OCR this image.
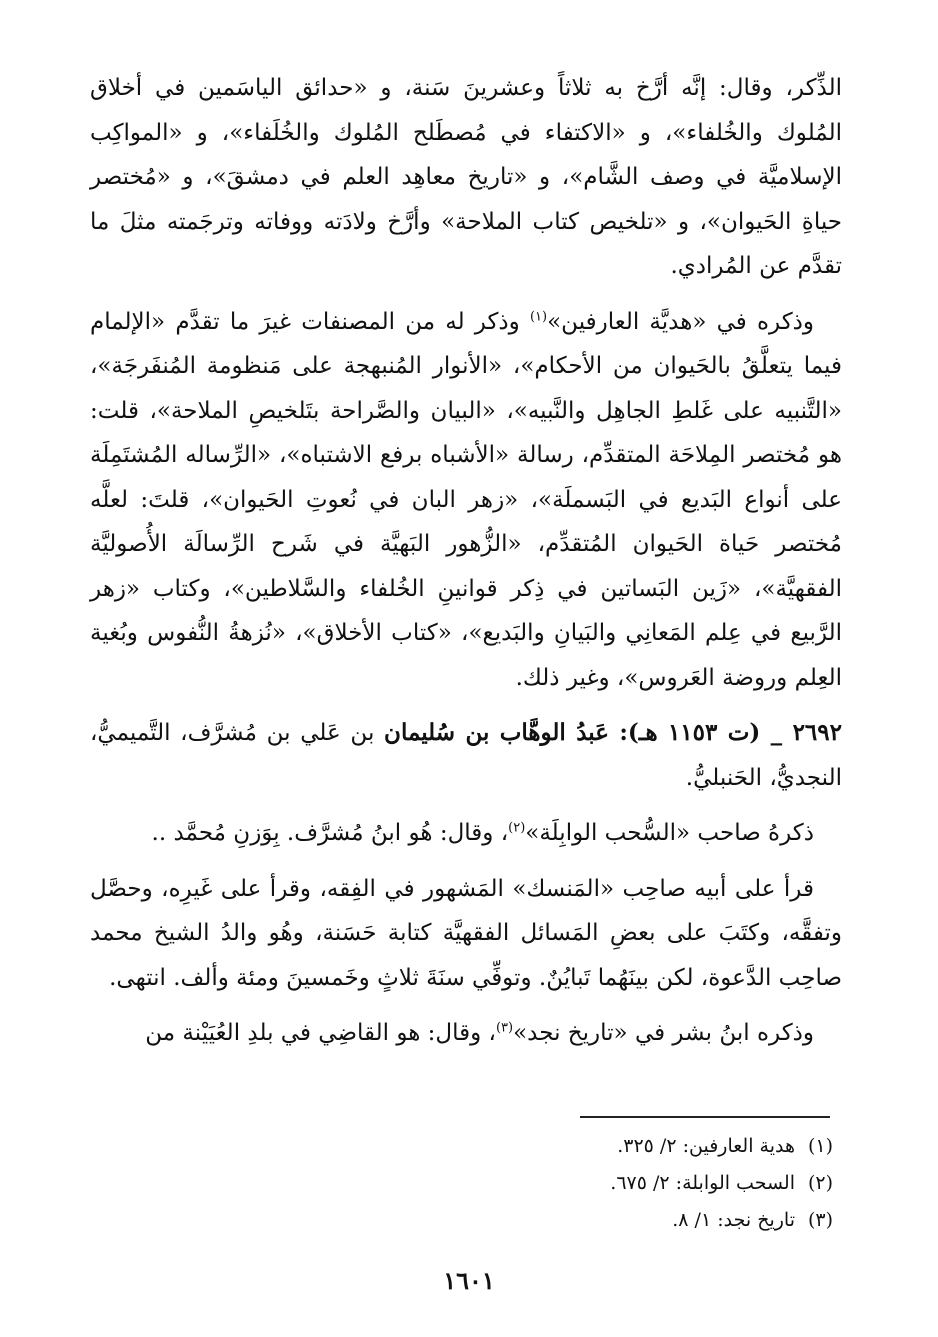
الذِّكر، وقال: إنَّه أرَّخ به ثلاثاً وعشرينَ سَنة، و «حدائق الياسَمين في أخلاق المُلوك والخُلفاء»، و «الاكتفاء في مُصطَلح المُلوك والخُلَفاء»، و «المواكِب الإسلاميَّة في وصف الشَّام»، و «تاريخ معاهِد العلم في دمشقَ»، و «مُختصر حياةِ الحَيوان»، و «تلخيص كتاب الملاحة» وأرَّخ ولادَته ووفاته وترجَمته مثلَ ما تقدَّم عن المُرادي.

وذكره في «هديَّة العارفين»$^{(١)}$ وذكر له من المصنفات غيرَ ما تقدَّم «الإلمام فيما يتعلَّقُ بالحَيوان من الأحكام»، «الأنوار المُنبهجة على مَنظومة المُنفَرجَة»، «التَّنبيه على غَلطِ الجاهِل والنَّبيه»، «البيان والصَّراحة بتَلخيصِ الملاحة»، قلت: هو مُختصر المِلاحَة المتقدِّم، رسالة «الأشباه برفع الاشتباه»، «الرِّساله المُشتَمِلَة على أنواع البَديع في البَسملَة»، «زهر البان في نُعوتِ الحَيوان»، قلتَ: لعلَّه مُختصر حَياة الحَيوان المُتقدِّم، «الزُّهور البَهيَّة في شَرح الرِّسالَة الأُصوليَّة الفقهيَّة»، «زَين البَساتين في ذِكر قوانينِ الخُلفاء والسَّلاطين»، وكتاب «زهر الرَّبيع في عِلم المَعانِي والبَيانِ والبَديع»، «كتاب الأخلاق»، «نُزهةُ النُّفوس وبُغية العِلم وروضة العَروس»، وغير ذلك.

٢٦٩٢ _ (ت ١١٥٣ هـ): عَبدُ الوهَّاب بن سُليمان بن عَلي بن مُشرَّف، التَّميميُّ، النجديُّ، الحَنبليُّ.

ذكرهُ صاحب «السُّحب الوابِلَة»$^{(٢)}$، وقال: هُو ابنُ مُشرَّف. بِوَزنِ مُحمَّد ..

قرأ على أبيه صاحِب «المَنسك» المَشهور في الفِقه، وقرأ على غَيرِه، وحصَّل وتفقَّه، وكتَبَ على بعضِ المَسائل الفقهيَّة كتابة حَسَنة، وهُو والدُ الشيخ محمد صاحِب الدَّعوة، لكن بينَهُما تَبايُنٌ. وتوفِّي سنَةَ ثلاثٍ وخَمسينَ ومئة وألف. انتهى.

وذكره ابنُ بشر في «تاريخ نجد»$^{(٣)}$، وقال: هو القاضِي في بلدِ العُيَيْنة من

(١)هدية العارفين: ٢/ ٣٢٥.

(٢)السحب الوابلة: ٢/ ٦٧٥.

(٣)تاريخ نجد: ١/ ٨.

١٦٠١
